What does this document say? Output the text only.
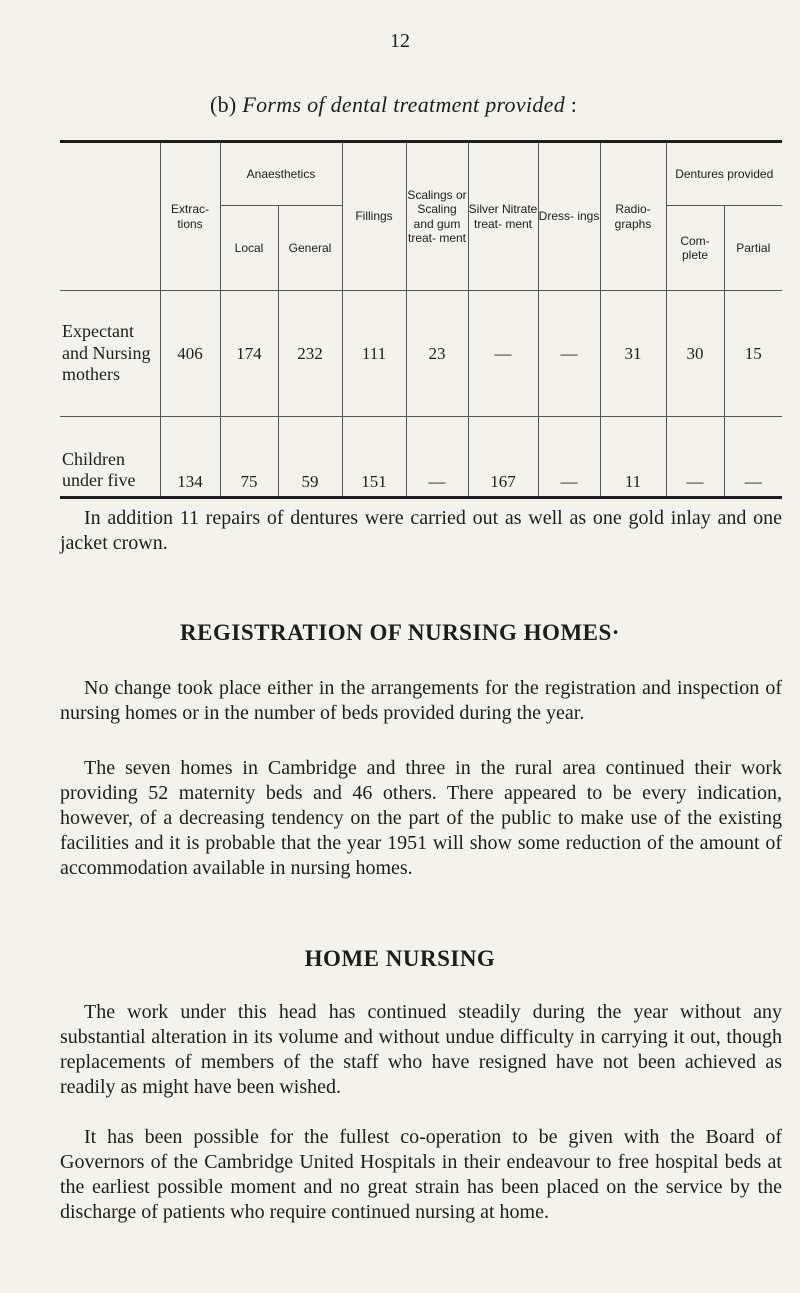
12
(b) Forms of dental treatment provided :
	Extrac- tions	Anaesthetics		Fillings	Scalings or Scaling and gum treat- ment	Silver Nitrate treat- ment	Dress- ings	Radio- graphs	Dentures provided	
		Local	General						Com- plete	Partial
Expectant and Nursing mothers	406	174	232	111	23	—	—	31	30	15
Children under five	134	75	59	151	—	167	—	11	—	—

In addition 11 repairs of dentures were carried out as well as one gold inlay and one jacket crown.

REGISTRATION OF NURSING HOMES·

No change took place either in the arrangements for the registration and inspection of nursing homes or in the number of beds provided during the year.

The seven homes in Cambridge and three in the rural area continued their work providing 52 maternity beds and 46 others. There appeared to be every indication, however, of a decreasing tendency on the part of the public to make use of the existing facilities and it is probable that the year 1951 will show some reduction of the amount of accommodation available in nursing homes.

HOME NURSING

The work under this head has continued steadily during the year without any substantial alteration in its volume and without undue difficulty in carrying it out, though replacements of members of the staff who have resigned have not been achieved as readily as might have been wished.

It has been possible for the fullest co-operation to be given with the Board of Governors of the Cambridge United Hospitals in their endeavour to free hospital beds at the earliest possible moment and no great strain has been placed on the service by the discharge of patients who require continued nursing at home.
